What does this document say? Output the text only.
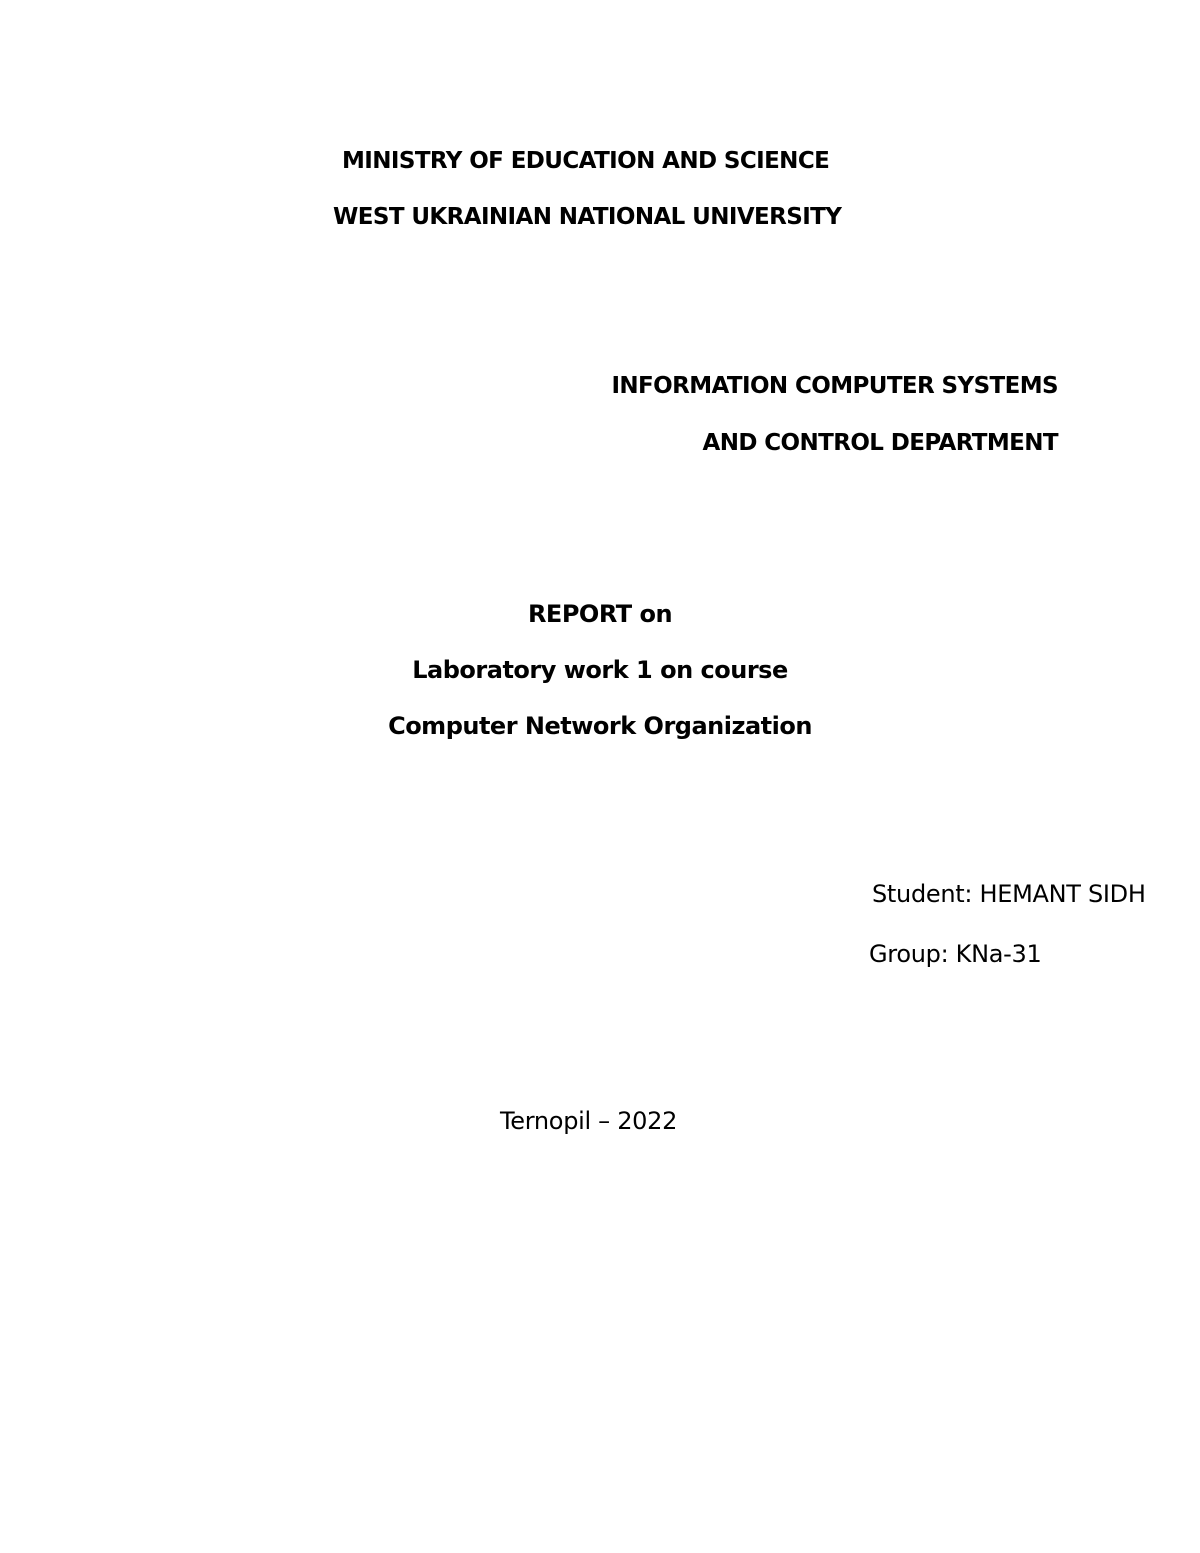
MINISTRY OF EDUCATION AND SCIENCE
WEST UKRAINIAN NATIONAL UNIVERSITY
INFORMATION COMPUTER SYSTEMS
AND CONTROL DEPARTMENT
REPORT on
Laboratory work 1 on course
Computer Network Organization
Student: HEMANT SIDH
Group: KNa-31
Ternopil – 2022
